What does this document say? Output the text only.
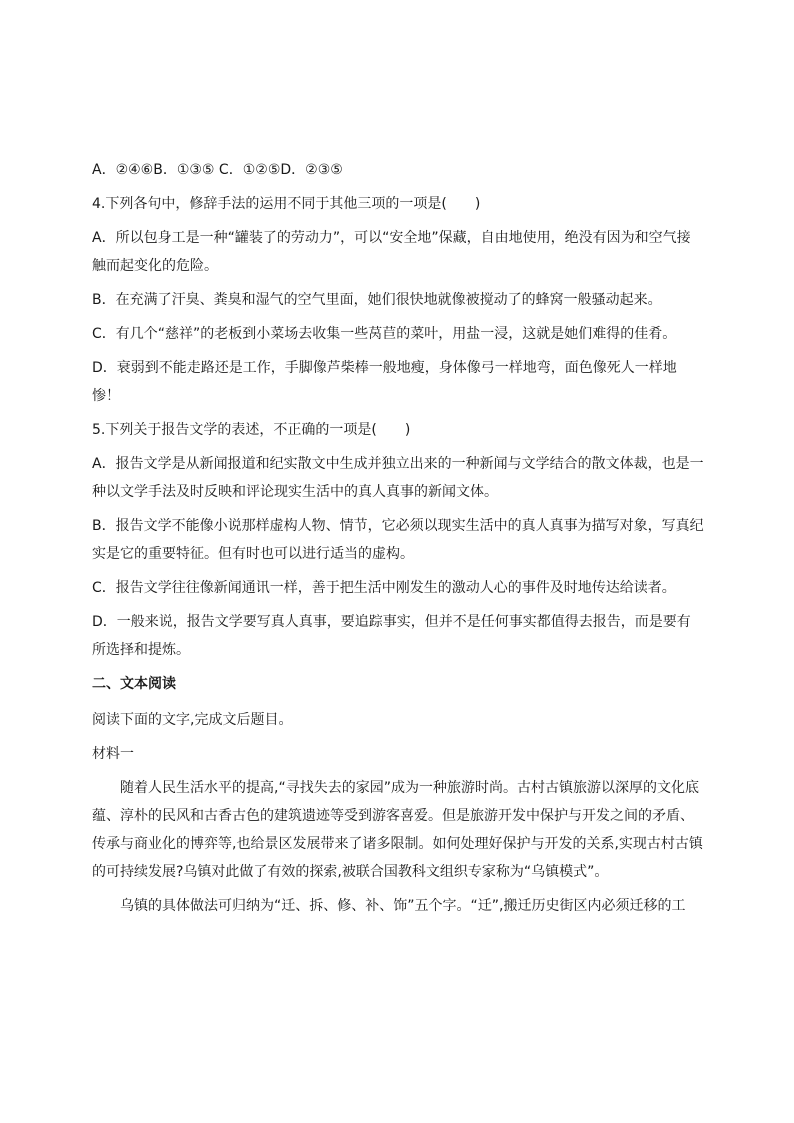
A．②④⑥B．①③⑤ C．①②⑤D．②③⑤

4.下列各句中，修辞手法的运用不同于其他三项的一项是(　　)

A．所以包身工是一种“罐装了的劳动力”，可以“安全地”保藏，自由地使用，绝没有因为和空气接触而起变化的危险。

B．在充满了汗臭、粪臭和湿气的空气里面，她们很快地就像被搅动了的蜂窝一般骚动起来。

C．有几个“慈祥”的老板到小菜场去收集一些莴苣的菜叶，用盐一浸，这就是她们难得的佳肴。

D．衰弱到不能走路还是工作，手脚像芦柴棒一般地瘦，身体像弓一样地弯，面色像死人一样地惨！

5.下列关于报告文学的表述，不正确的一项是(　　)

A．报告文学是从新闻报道和纪实散文中生成并独立出来的一种新闻与文学结合的散文体裁，也是一种以文学手法及时反映和评论现实生活中的真人真事的新闻文体。

B．报告文学不能像小说那样虚构人物、情节，它必须以现实生活中的真人真事为描写对象，写真纪实是它的重要特征。但有时也可以进行适当的虚构。

C．报告文学往往像新闻通讯一样，善于把生活中刚发生的激动人心的事件及时地传达给读者。

D．一般来说，报告文学要写真人真事，要追踪事实，但并不是任何事实都值得去报告，而是要有所选择和提炼。

二、文本阅读

阅读下面的文字,完成文后题目。

材料一

随着人民生活水平的提高,“寻找失去的家园”成为一种旅游时尚。古村古镇旅游以深厚的文化底蕴、淳朴的民风和古香古色的建筑遗迹等受到游客喜爱。但是旅游开发中保护与开发之间的矛盾、传承与商业化的博弈等,也给景区发展带来了诸多限制。如何处理好保护与开发的关系,实现古村古镇的可持续发展?乌镇对此做了有效的探索,被联合国教科文组织专家称为“乌镇模式”。

乌镇的具体做法可归纳为“迁、拆、修、补、饰”五个字。“迁”,搬迁历史街区内必须迁移的工
